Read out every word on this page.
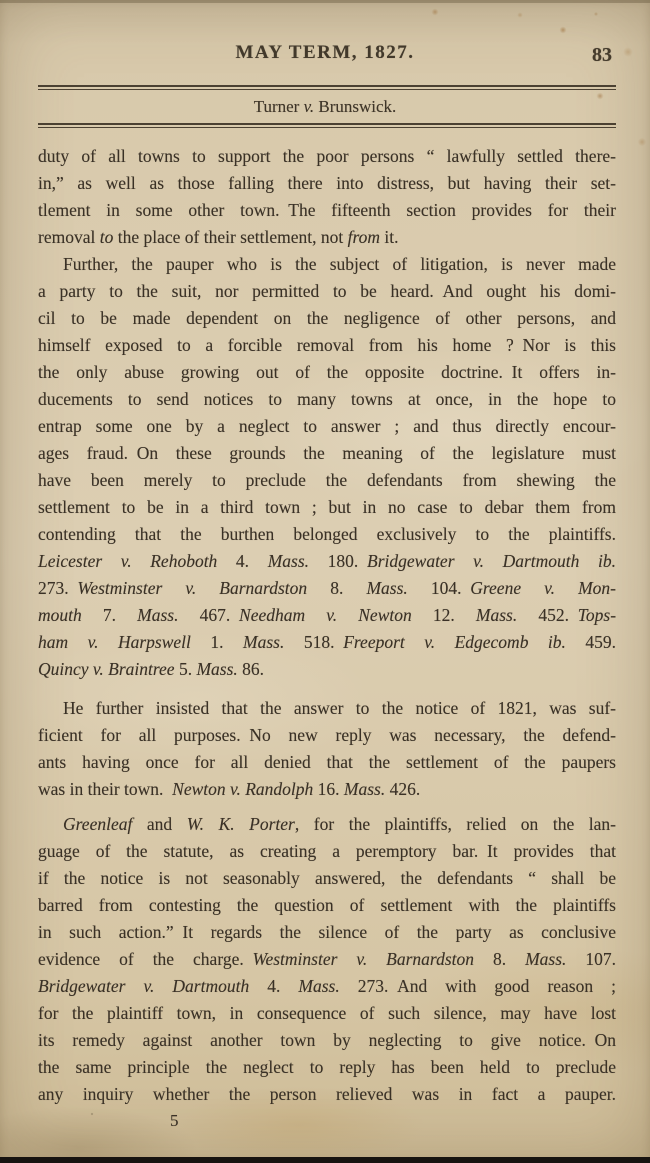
MAY TERM, 1827.	83
Turner v. Brunswick.
duty of all towns to support the poor persons “ lawfully settled there-
in,” as well as those falling there into distress, but having their set-
tlement in some other town. The fifteenth section provides for their
removal to the place of their settlement, not from it.
Further, the pauper who is the subject of litigation, is never made
a party to the suit, nor permitted to be heard. And ought his domi-
cil to be made dependent on the negligence of other persons, and
himself exposed to a forcible removal from his home ? Nor is this
the only abuse growing out of the opposite doctrine. It offers in-
ducements to send notices to many towns at once, in the hope to
entrap some one by a neglect to answer ; and thus directly encour-
ages fraud. On these grounds the meaning of the legislature must
have been merely to preclude the defendants from shewing the
settlement to be in a third town ; but in no case to debar them from
contending that the burthen belonged exclusively to the plaintiffs.
Leicester v. Rehoboth 4. Mass. 180. Bridgewater v. Dartmouth ib.
273. Westminster v. Barnardston 8. Mass. 104. Greene v. Mon-
mouth 7. Mass. 467. Needham v. Newton 12. Mass. 452. Tops-
ham v. Harpswell 1. Mass. 518. Freeport v. Edgecomb ib. 459.
Quincy v. Braintree 5. Mass. 86.
He further insisted that the answer to the notice of 1821, was suf-
ficient for all purposes. No new reply was necessary, the defend-
ants having once for all denied that the settlement of the paupers
was in their town. Newton v. Randolph 16. Mass. 426.
Greenleaf and W. K. Porter, for the plaintiffs, relied on the lan-
guage of the statute, as creating a peremptory bar. It provides that
if the notice is not seasonably answered, the defendants “ shall be
barred from contesting the question of settlement with the plaintiffs
in such action.” It regards the silence of the party as conclusive
evidence of the charge. Westminster v. Barnardston 8. Mass. 107.
Bridgewater v. Dartmouth 4. Mass. 273. And with good reason ;
for the plaintiff town, in consequence of such silence, may have lost
its remedy against another town by neglecting to give notice. On
the same principle the neglect to reply has been held to preclude
any inquiry whether the person relieved was in fact a pauper.
5
